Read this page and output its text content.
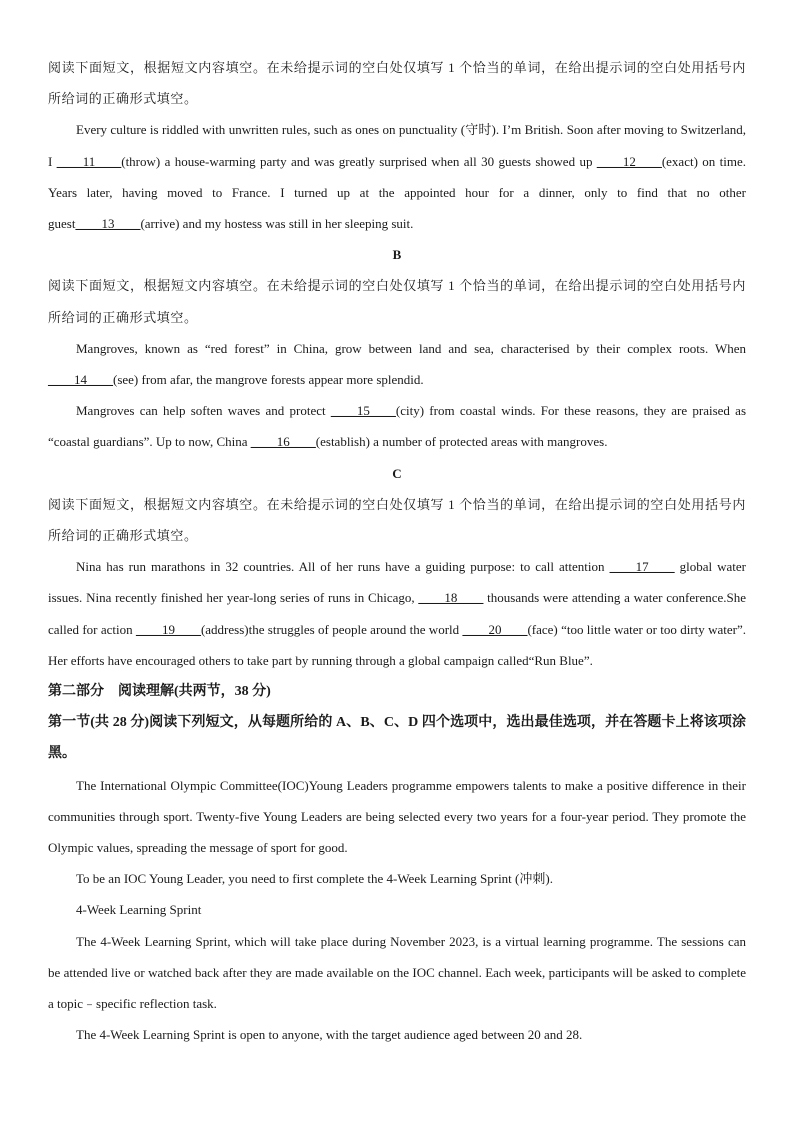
阅读下面短文，根据短文内容填空。在未给提示词的空白处仅填写 1 个恰当的单词，在给出提示词的空白处用括号内所给词的正确形式填空。

Every culture is riddled with unwritten rules, such as ones on punctuality (守时). I’m British. Soon after moving to Switzerland, I ____11____(throw) a house-warming party and was greatly surprised when all 30 guests showed up ____12____(exact) on time. Years later, having moved to France. I turned up at the appointed hour for a dinner, only to find that no other guest____13____(arrive) and my hostess was still in her sleeping suit.

B

阅读下面短文，根据短文内容填空。在未给提示词的空白处仅填写 1 个恰当的单词，在给出提示词的空白处用括号内所给词的正确形式填空。

Mangroves, known as “red forest” in China, grow between land and sea, characterised by their complex roots. When ____14____(see) from afar, the mangrove forests appear more splendid.

Mangroves can help soften waves and protect ____15____(city) from coastal winds. For these reasons, they are praised as “coastal guardians”. Up to now, China ____16____(establish) a number of protected areas with mangroves.

C

阅读下面短文，根据短文内容填空。在未给提示词的空白处仅填写 1 个恰当的单词，在给出提示词的空白处用括号内所给词的正确形式填空。

Nina has run marathons in 32 countries. All of her runs have a guiding purpose: to call attention ____17____ global water issues. Nina recently finished her year-long series of runs in Chicago, ____18____ thousands were attending a water conference.She called for action ____19____(address)the struggles of people around the world ____20____(face) “too little water or too dirty water”. Her efforts have encouraged others to take part by running through a global campaign called“Run Blue”.

第二部分　阅读理解(共两节，38 分)

第一节(共 28 分)阅读下列短文，从每题所给的 A、B、C、D 四个选项中，选出最佳选项，并在答题卡上将该项涂黑。

The International Olympic Committee(IOC)Young Leaders programme empowers talents to make a positive difference in their communities through sport. Twenty-five Young Leaders are being selected every two years for a four-year period. They promote the Olympic values, spreading the message of sport for good.

To be an IOC Young Leader, you need to first complete the 4-Week Learning Sprint (冲刺).

4-Week Learning Sprint

The 4-Week Learning Sprint, which will take place during November 2023, is a virtual learning programme. The sessions can be attended live or watched back after they are made available on the IOC channel. Each week, participants will be asked to complete a topic﹣specific reflection task.

The 4-Week Learning Sprint is open to anyone, with the target audience aged between 20 and 28.
